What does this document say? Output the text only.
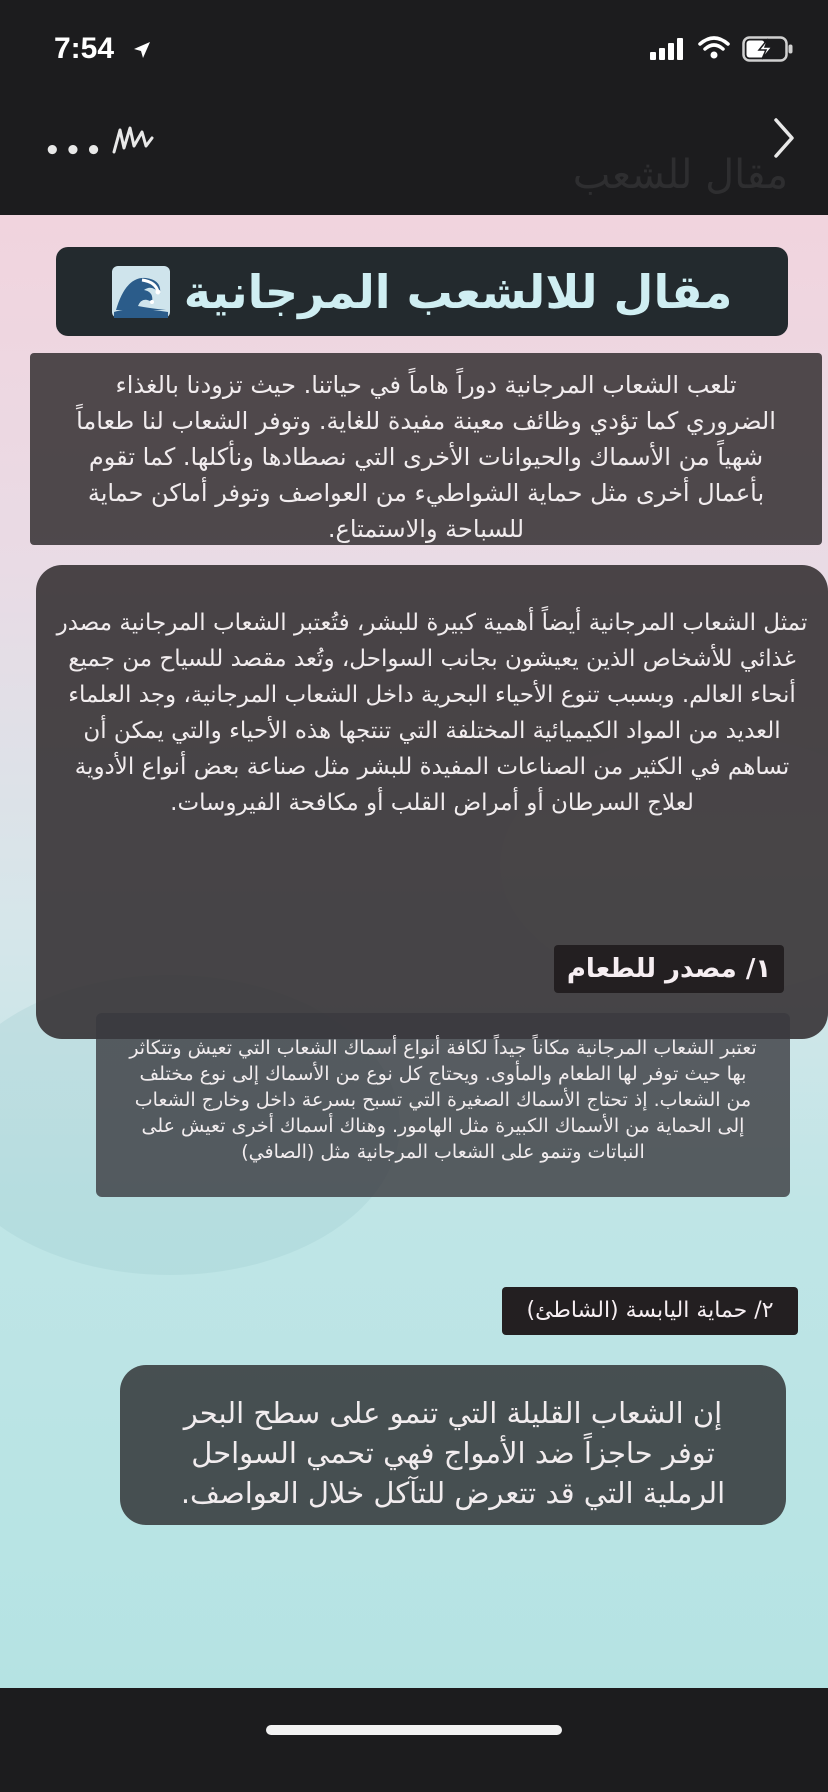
7:54
مقال للشعب
•••
مقال للالشعب المرجانية
تلعب الشعاب المرجانية دوراً هاماً في حياتنا. حيث تزودنا بالغذاء الضروري كما تؤدي وظائف معينة مفيدة للغاية. وتوفر الشعاب لنا طعاماً شهياً من الأسماك والحيوانات الأخرى التي نصطادها ونأكلها. كما تقوم بأعمال أخرى مثل حماية الشواطيء من العواصف وتوفر أماكن حماية للسباحة والاستمتاع.
تمثل الشعاب المرجانية أيضاً أهمية كبيرة للبشر، فتُعتبر الشعاب المرجانية مصدر غذائي للأشخاص الذين يعيشون بجانب السواحل، وتُعد مقصد للسياح من جميع أنحاء العالم. وبسبب تنوع الأحياء البحرية داخل الشعاب المرجانية، وجد العلماء العديد من المواد الكيميائية المختلفة التي تنتجها هذه الأحياء والتي يمكن أن تساهم في الكثير من الصناعات المفيدة للبشر مثل صناعة بعض أنواع الأدوية لعلاج السرطان أو أمراض القلب أو مكافحة الفيروسات.
١/ مصدر للطعام
تعتبر الشعاب المرجانية مكاناً جيداً لكافة أنواع أسماك الشعاب التي تعيش وتتكاثر بها حيث توفر لها الطعام والمأوى. ويحتاج كل نوع من الأسماك إلى نوع مختلف من الشعاب. إذ تحتاج الأسماك الصغيرة التي تسبح بسرعة داخل وخارج الشعاب إلى الحماية من الأسماك الكبيرة مثل الهامور. وهناك أسماك أخرى تعيش على النباتات وتنمو على الشعاب المرجانية مثل (الصافي)
٢/ حماية اليابسة (الشاطئ)
إن الشعاب القليلة التي تنمو على سطح البحر توفر حاجزاً ضد الأمواج فهي تحمي السواحل الرملية التي قد تتعرض للتآكل خلال العواصف.
